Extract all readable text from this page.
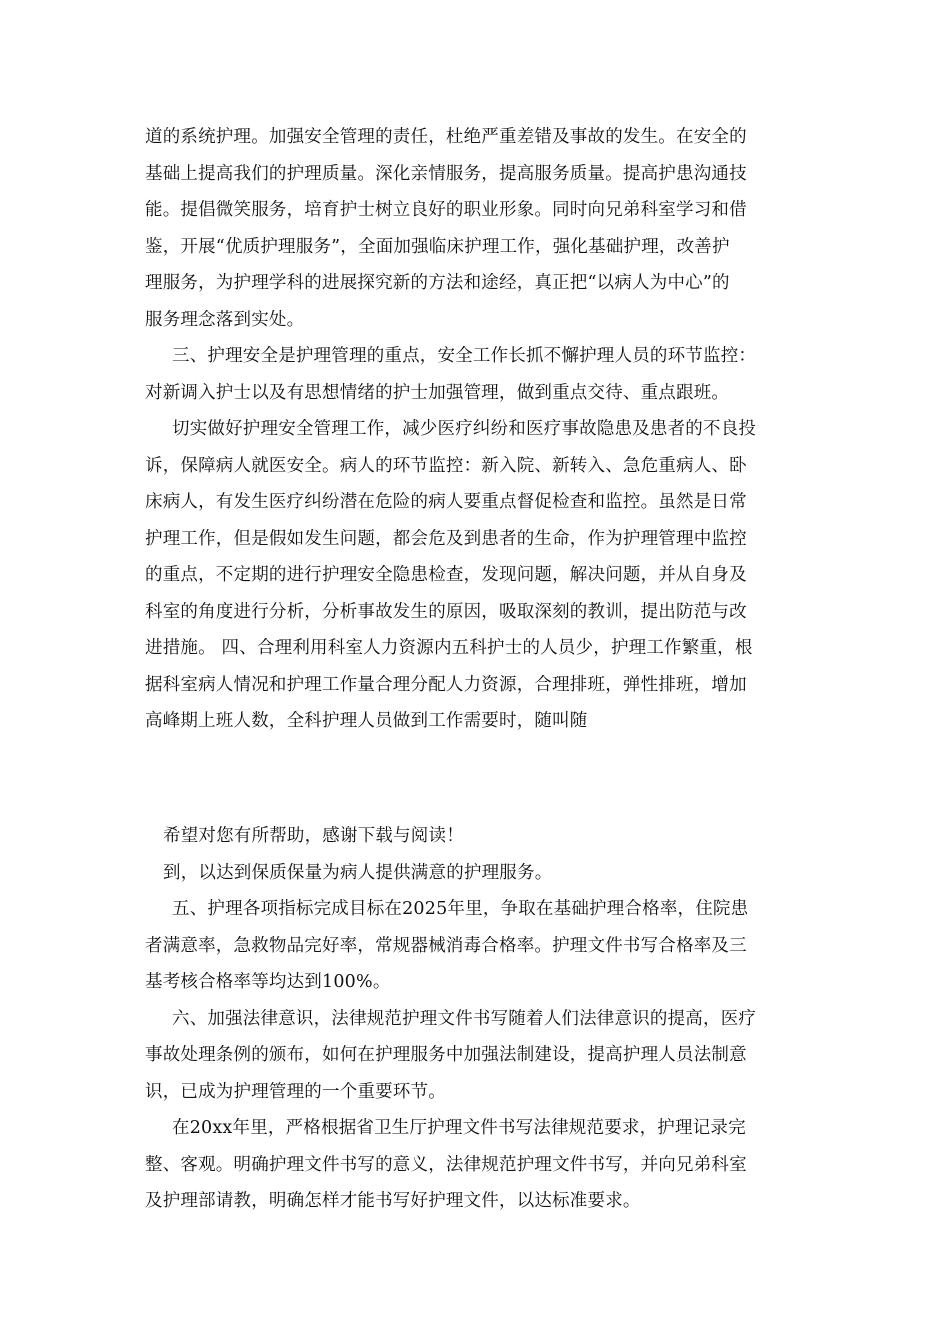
道的系统护理。加强安全管理的责任，杜绝严重差错及事故的发生。在安全的
基础上提高我们的护理质量。深化亲情服务，提高服务质量。提高护患沟通技
能。提倡微笑服务，培育护士树立良好的职业形象。同时向兄弟科室学习和借
鉴，开展“优质护理服务”，全面加强临床护理工作，强化基础护理，改善护
理服务，为护理学科的进展探究新的方法和途经，真正把“以病人为中心”的
服务理念落到实处。
三、护理安全是护理管理的重点，安全工作长抓不懈护理人员的环节监控：
对新调入护士以及有思想情绪的护士加强管理，做到重点交待、重点跟班。
切实做好护理安全管理工作，减少医疗纠纷和医疗事故隐患及患者的不良投
诉，保障病人就医安全。病人的环节监控：新入院、新转入、急危重病人、卧
床病人，有发生医疗纠纷潜在危险的病人要重点督促检查和监控。虽然是日常
护理工作，但是假如发生问题，都会危及到患者的生命，作为护理管理中监控
的重点，不定期的进行护理安全隐患检查，发现问题，解决问题，并从自身及
科室的角度进行分析，分析事故发生的原因，吸取深刻的教训，提出防范与改
进措施。 四、合理利用科室人力资源内五科护士的人员少，护理工作繁重，根
据科室病人情况和护理工作量合理分配人力资源，合理排班，弹性排班，增加
高峰期上班人数，全科护理人员做到工作需要时，随叫随
希望对您有所帮助，感谢下载与阅读！
到，以达到保质保量为病人提供满意的护理服务。
五、护理各项指标完成目标在2025年里，争取在基础护理合格率，住院患
者满意率，急救物品完好率，常规器械消毒合格率。护理文件书写合格率及三
基考核合格率等均达到100%。
六、加强法律意识，法律规范护理文件书写随着人们法律意识的提高，医疗
事故处理条例的颁布，如何在护理服务中加强法制建设，提高护理人员法制意
识，已成为护理管理的一个重要环节。
在20xx年里，严格根据省卫生厅护理文件书写法律规范要求，护理记录完
整、客观。明确护理文件书写的意义，法律规范护理文件书写，并向兄弟科室
及护理部请教，明确怎样才能书写好护理文件，以达标准要求。
